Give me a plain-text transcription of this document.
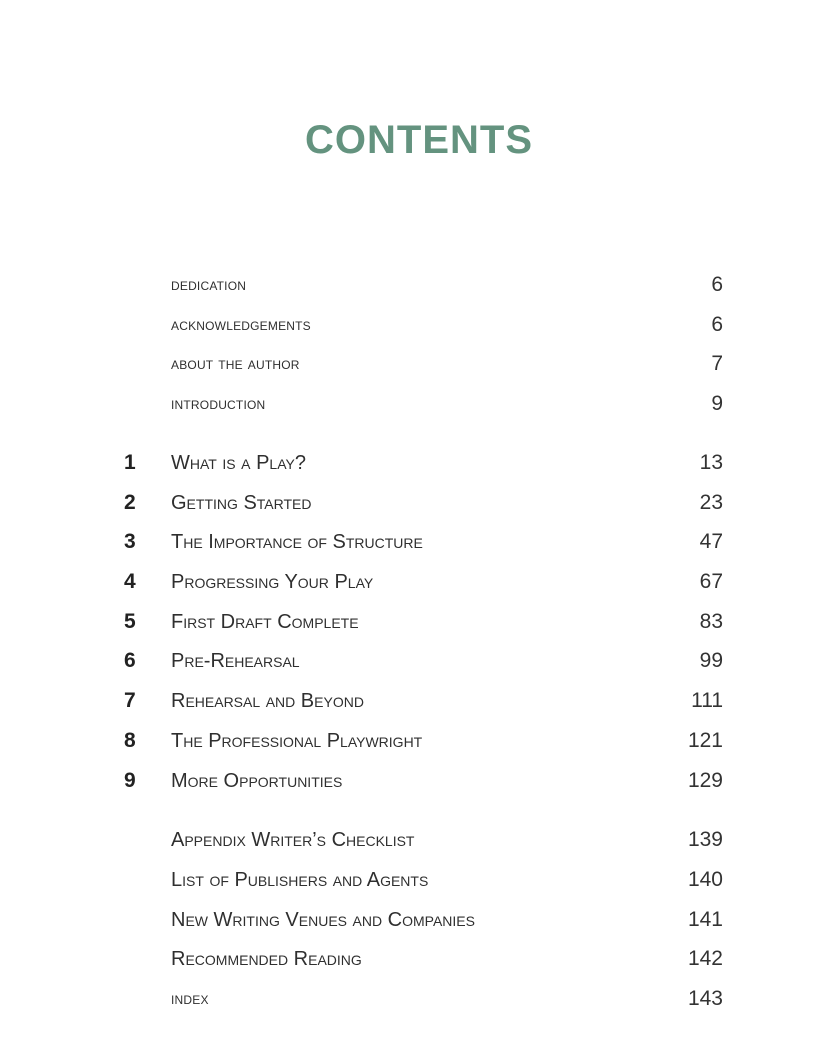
CONTENTS
dedication	6
acknowledgements	6
about the author	7
introduction	9
1 What is a Play?	13
2 Getting Started	23
3 The Importance of Structure	47
4 Progressing Your Play	67
5 First Draft Complete	83
6 Pre-Rehearsal	99
7 Rehearsal and Beyond	111
8 The Professional Playwright	121
9 More Opportunities	129
Appendix Writer’s Checklist	139
List of Publishers and Agents	140
New Writing Venues and Companies	141
Recommended Reading	142
index	143
